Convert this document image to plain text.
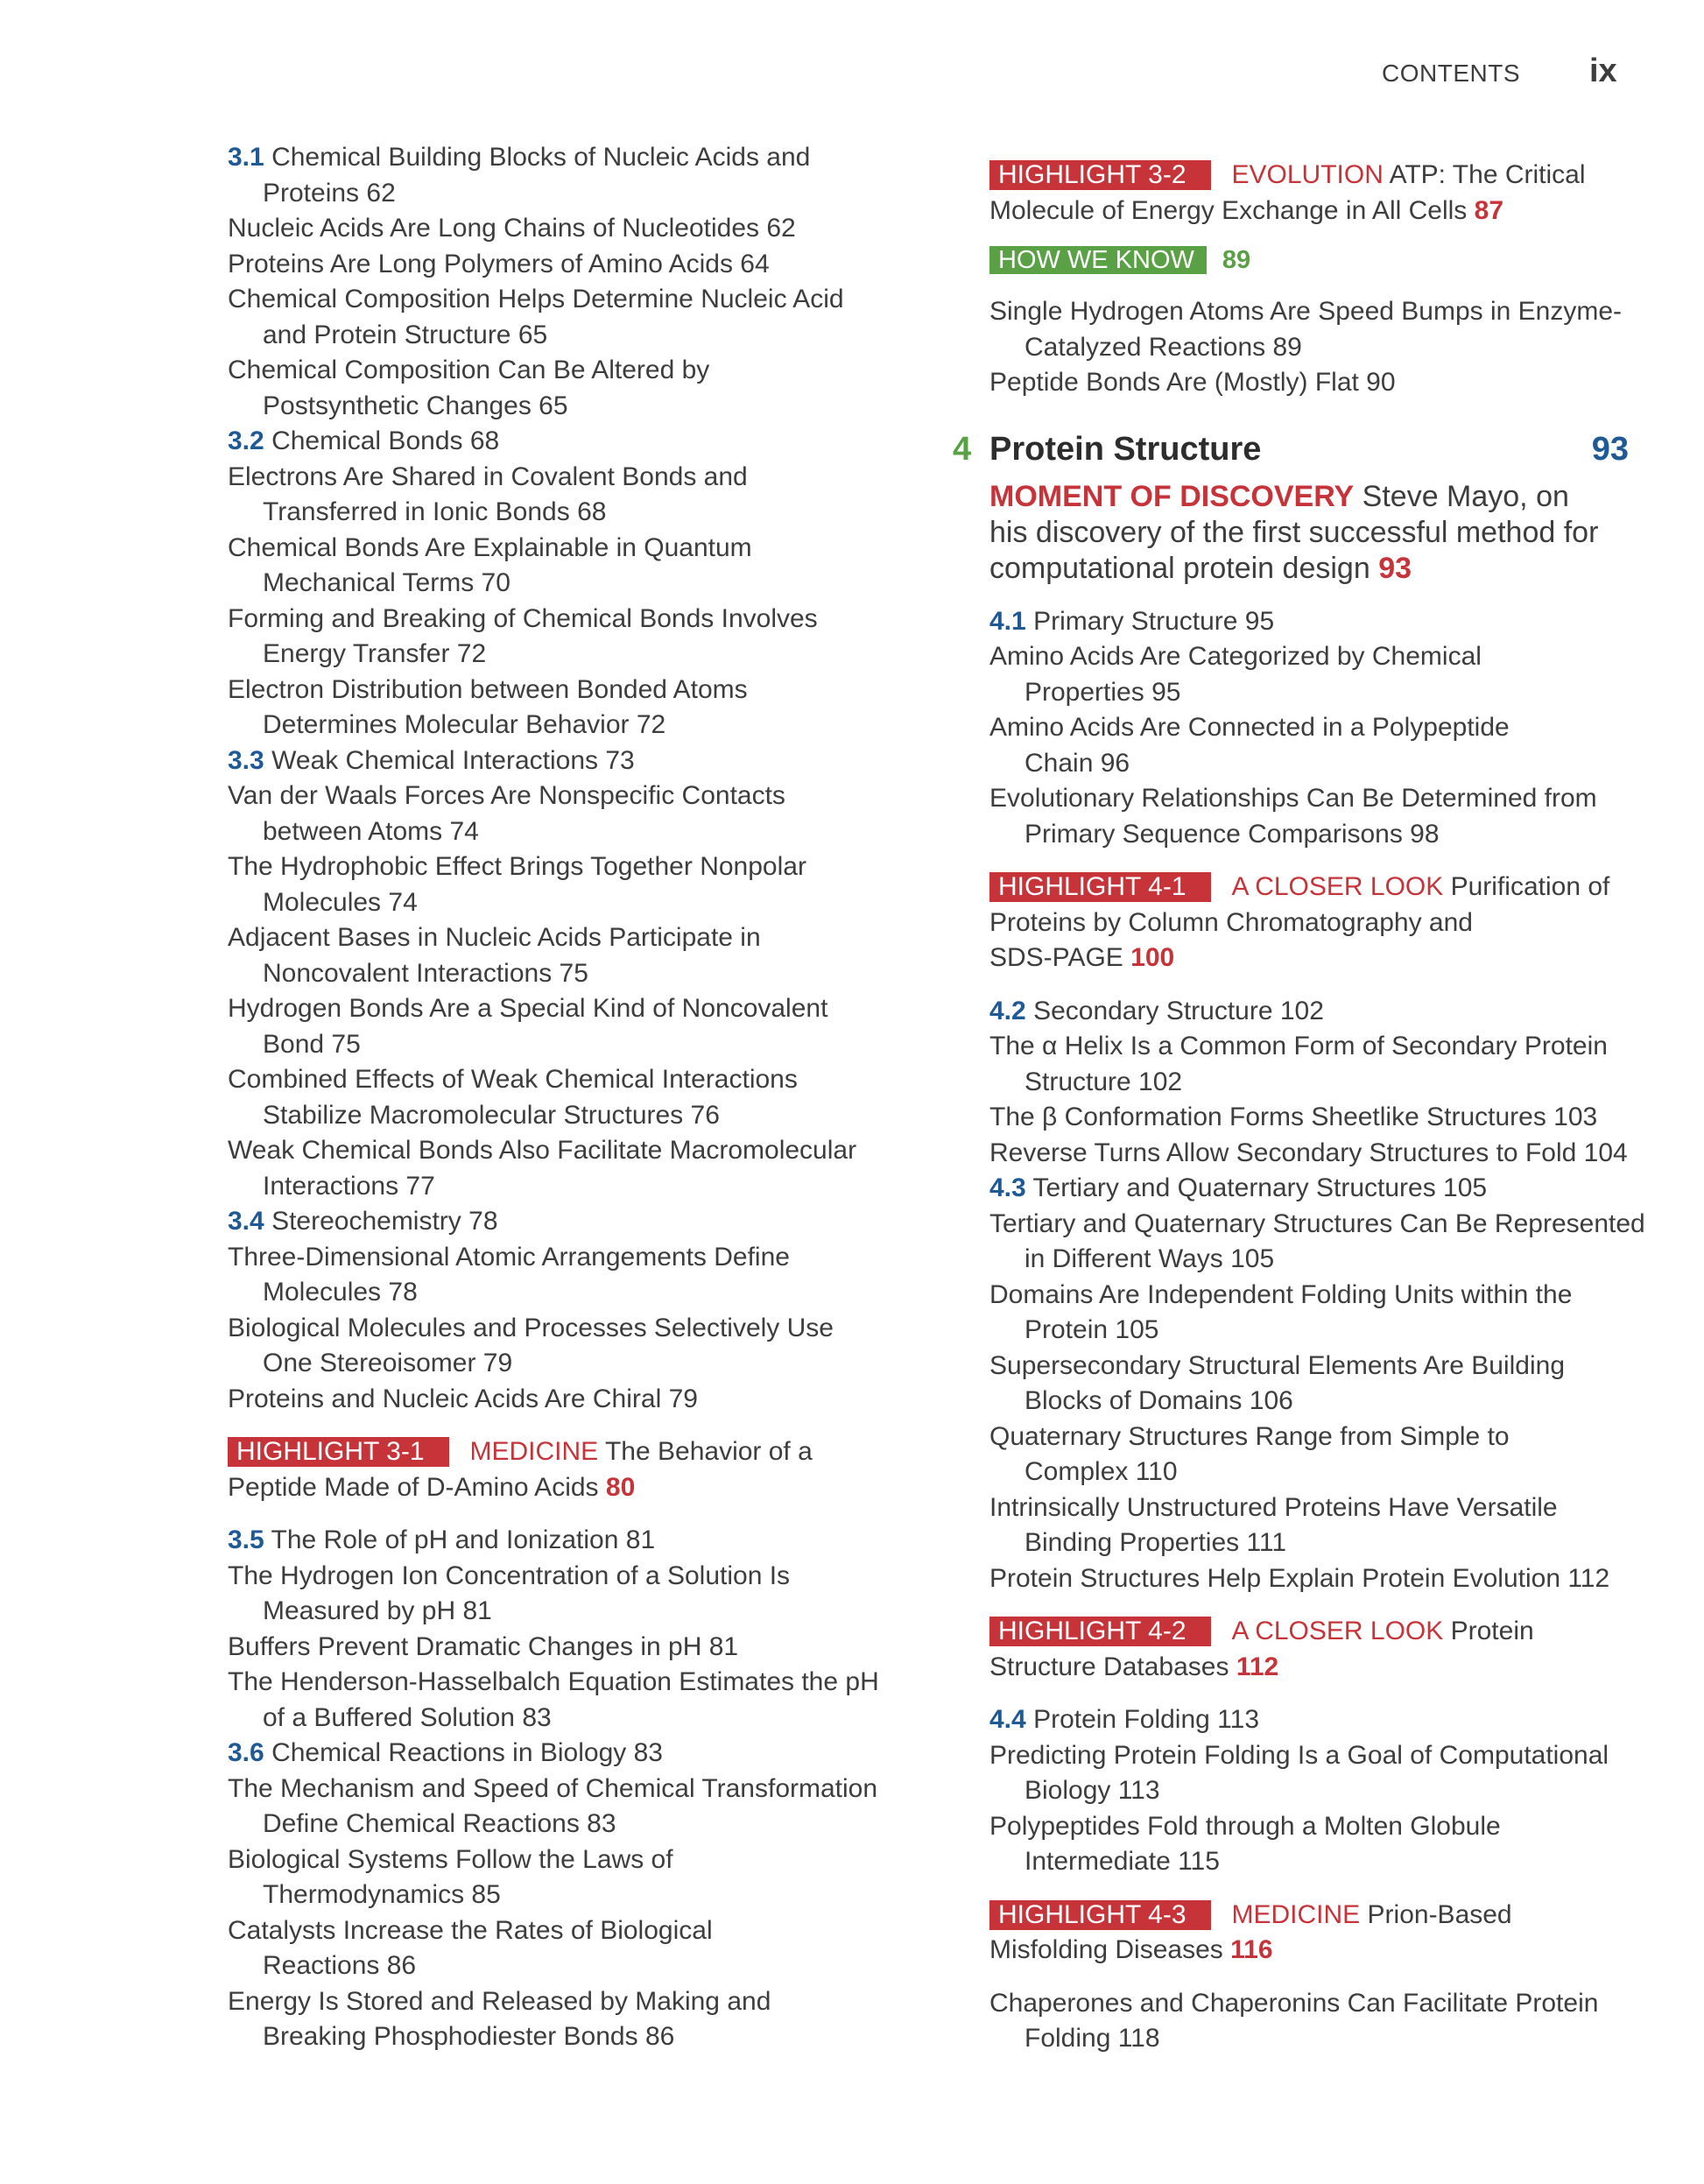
CONTENTS ix
3.1 Chemical Building Blocks of Nucleic Acids and
Proteins 62
Nucleic Acids Are Long Chains of Nucleotides 62
Proteins Are Long Polymers of Amino Acids 64
Chemical Composition Helps Determine Nucleic Acid
and Protein Structure 65
Chemical Composition Can Be Altered by
Postsynthetic Changes 65
3.2 Chemical Bonds 68
Electrons Are Shared in Covalent Bonds and
Transferred in Ionic Bonds 68
Chemical Bonds Are Explainable in Quantum
Mechanical Terms 70
Forming and Breaking of Chemical Bonds Involves
Energy Transfer 72
Electron Distribution between Bonded Atoms
Determines Molecular Behavior 72
3.3 Weak Chemical Interactions 73
Van der Waals Forces Are Nonspecific Contacts
between Atoms 74
The Hydrophobic Effect Brings Together Nonpolar
Molecules 74
Adjacent Bases in Nucleic Acids Participate in
Noncovalent Interactions 75
Hydrogen Bonds Are a Special Kind of Noncovalent
Bond 75
Combined Effects of Weak Chemical Interactions
Stabilize Macromolecular Structures 76
Weak Chemical Bonds Also Facilitate Macromolecular
Interactions 77
3.4 Stereochemistry 78
Three-Dimensional Atomic Arrangements Define
Molecules 78
Biological Molecules and Processes Selectively Use
One Stereoisomer 79
Proteins and Nucleic Acids Are Chiral 79
HIGHLIGHT 3-1 MEDICINE The Behavior of a
Peptide Made of D-Amino Acids 80
3.5 The Role of pH and Ionization 81
The Hydrogen Ion Concentration of a Solution Is
Measured by pH 81
Buffers Prevent Dramatic Changes in pH 81
The Henderson-Hasselbalch Equation Estimates the pH
of a Buffered Solution 83
3.6 Chemical Reactions in Biology 83
The Mechanism and Speed of Chemical Transformation
Define Chemical Reactions 83
Biological Systems Follow the Laws of
Thermodynamics 85
Catalysts Increase the Rates of Biological
Reactions 86
Energy Is Stored and Released by Making and
Breaking Phosphodiester Bonds 86
HIGHLIGHT 3-2 EVOLUTION ATP: The Critical
Molecule of Energy Exchange in All Cells 87
HOW WE KNOW 89
Single Hydrogen Atoms Are Speed Bumps in Enzyme-
Catalyzed Reactions 89
Peptide Bonds Are (Mostly) Flat 90
4 Protein Structure	93
MOMENT OF DISCOVERY Steve Mayo, on
his discovery of the first successful method for
computational protein design 93
4.1 Primary Structure 95
Amino Acids Are Categorized by Chemical
Properties 95
Amino Acids Are Connected in a Polypeptide
Chain 96
Evolutionary Relationships Can Be Determined from
Primary Sequence Comparisons 98
HIGHLIGHT 4-1 A CLOSER LOOK Purification of
Proteins by Column Chromatography and
SDS-PAGE 100
4.2 Secondary Structure 102
The α Helix Is a Common Form of Secondary Protein
Structure 102
The β Conformation Forms Sheetlike Structures 103
Reverse Turns Allow Secondary Structures to Fold 104
4.3 Tertiary and Quaternary Structures 105
Tertiary and Quaternary Structures Can Be Represented
in Different Ways 105
Domains Are Independent Folding Units within the
Protein 105
Supersecondary Structural Elements Are Building
Blocks of Domains 106
Quaternary Structures Range from Simple to
Complex 110
Intrinsically Unstructured Proteins Have Versatile
Binding Properties 111
Protein Structures Help Explain Protein Evolution 112
HIGHLIGHT 4-2 A CLOSER LOOK Protein
Structure Databases 112
4.4 Protein Folding 113
Predicting Protein Folding Is a Goal of Computational
Biology 113
Polypeptides Fold through a Molten Globule
Intermediate 115
HIGHLIGHT 4-3 MEDICINE Prion-Based
Misfolding Diseases 116
Chaperones and Chaperonins Can Facilitate Protein
Folding 118
